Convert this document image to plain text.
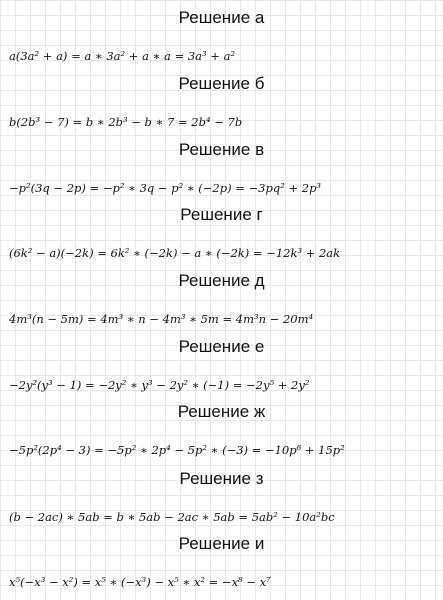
Решение а
a(3a² + a) = a ∗ 3a² + a ∗ a = 3a³ + a²
Решение б
b(2b³ − 7) = b ∗ 2b³ − b ∗ 7 = 2b⁴ − 7b
Решение в
−p²(3q − 2p) = −p² ∗ 3q − p² ∗ (−2p) = −3pq² + 2p³
Решение г
(6k² − a)(−2k) = 6k² ∗ (−2k) − a ∗ (−2k) = −12k³ + 2ak
Решение д
4m³(n − 5m) = 4m³ ∗ n − 4m³ ∗ 5m = 4m³n − 20m⁴
Решение е
−2y²(y³ − 1) = −2y² ∗ y³ − 2y² ∗ (−1) = −2y⁵ + 2y²
Решение ж
−5p²(2p⁴ − 3) = −5p² ∗ 2p⁴ − 5p² ∗ (−3) = −10p⁶ + 15p²
Решение з
(b − 2ac) ∗ 5ab = b ∗ 5ab − 2ac ∗ 5ab = 5ab² − 10a²bc
Решение и
x⁵(−x³ − x²) = x⁵ ∗ (−x³) − x⁵ ∗ x² = −x⁸ − x⁷
